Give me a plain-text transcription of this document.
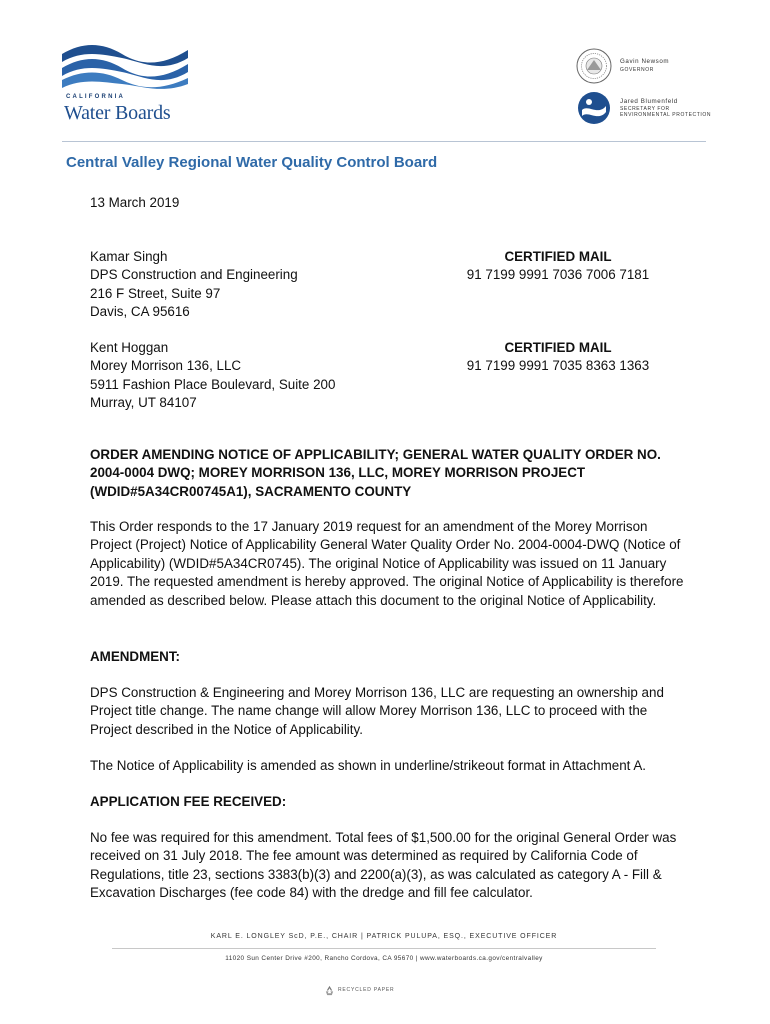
CALIFORNIA
Water Boards
Gavin Newsom
GOVERNOR
Jared Blumenfeld
SECRETARY FOR
ENVIRONMENTAL PROTECTION
Central Valley Regional Water Quality Control Board
13 March 2019
Kamar Singh
DPS Construction and Engineering
216 F Street, Suite 97
Davis, CA 95616
CERTIFIED MAIL
91 7199 9991 7036 7006 7181
Kent Hoggan
Morey Morrison 136, LLC
5911 Fashion Place Boulevard, Suite 200
Murray, UT 84107
CERTIFIED MAIL
91 7199 9991 7035 8363 1363
ORDER AMENDING NOTICE OF APPLICABILITY; GENERAL WATER QUALITY ORDER NO. 2004-0004 DWQ; MOREY MORRISON 136, LLC, MOREY MORRISON PROJECT (WDID#5A34CR00745A1), SACRAMENTO COUNTY
This Order responds to the 17 January 2019 request for an amendment of the Morey Morrison Project (Project) Notice of Applicability General Water Quality Order No. 2004-0004-DWQ (Notice of Applicability) (WDID#5A34CR0745). The original Notice of Applicability was issued on 11 January 2019. The requested amendment is hereby approved. The original Notice of Applicability is therefore amended as described below. Please attach this document to the original Notice of Applicability.
AMENDMENT:
DPS Construction & Engineering and Morey Morrison 136, LLC are requesting an ownership and Project title change. The name change will allow Morey Morrison 136, LLC to proceed with the Project described in the Notice of Applicability.
The Notice of Applicability is amended as shown in underline/strikeout format in Attachment A.
APPLICATION FEE RECEIVED:
No fee was required for this amendment. Total fees of $1,500.00 for the original General Order was received on 31 July 2018. The fee amount was determined as required by California Code of Regulations, title 23, sections 3383(b)(3) and 2200(a)(3), as was calculated as category A - Fill & Excavation Discharges (fee code 84) with the dredge and fill fee calculator.
KARL E. LONGLEY ScD, P.E., CHAIR | PATRICK PULUPA, ESQ., EXECUTIVE OFFICER
11020 Sun Center Drive #200, Rancho Cordova, CA 95670 | www.waterboards.ca.gov/centralvalley
RECYCLED PAPER
